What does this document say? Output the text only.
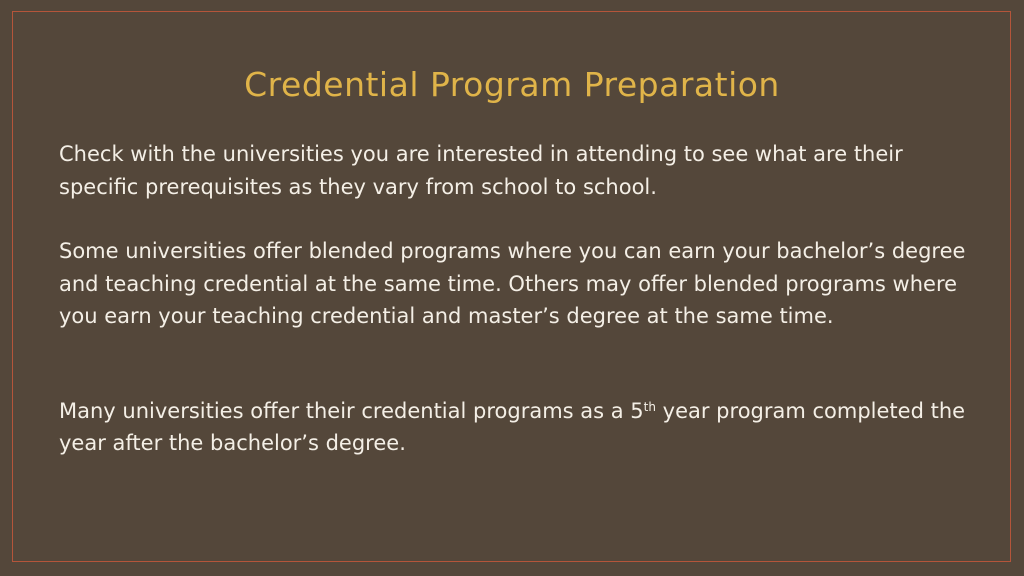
Credential Program Preparation

Check with the universities you are interested in attending to see what are their specific prerequisites as they vary from school to school.

Some universities offer blended programs where you can earn your bachelor’s degree and teaching credential at the same time. Others may offer blended programs where you earn your teaching credential and master’s degree at the same time.

Many universities offer their credential programs as a 5th year program completed the year after the bachelor’s degree.
